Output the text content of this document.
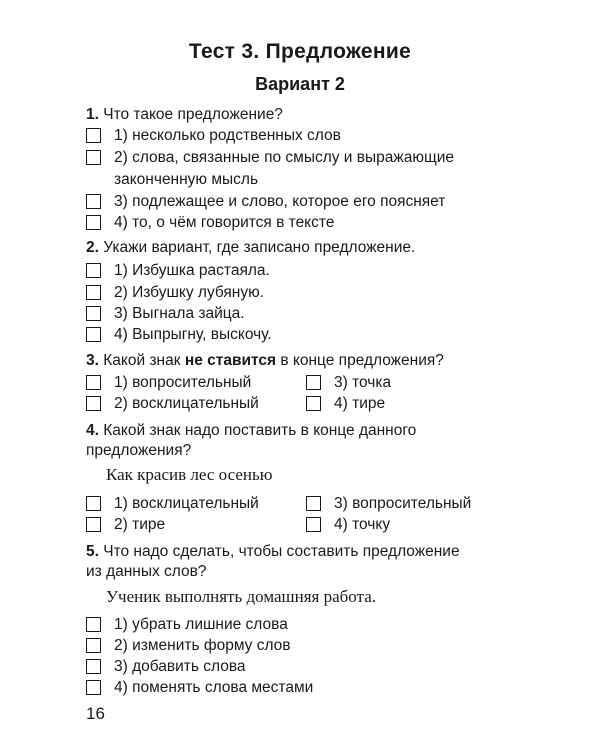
Тест 3. Предложение
Вариант 2
1. Что такое предложение?
1) несколько родственных слов
2) слова, связанные по смыслу и выражающие
законченную мысль
3) подлежащее и слово, которое его поясняет
4) то, о чём говорится в тексте
2. Укажи вариант, где записано предложение.
1) Избушка растаяла.
2) Избушку лубяную.
3) Выгнала зайца.
4) Выпрыгну, выскочу.
3. Какой знак не ставится в конце предложения?
1) вопросительный	3) точка
2) восклицательный	4) тире
4. Какой знак надо поставить в конце данного
предложения?
Как красив лес осенью
1) восклицательный	3) вопросительный
2) тире	4) точку
5. Что надо сделать, чтобы составить предложение
из данных слов?
Ученик выполнять домашняя работа.
1) убрать лишние слова
2) изменить форму слов
3) добавить слова
4) поменять слова местами
16
